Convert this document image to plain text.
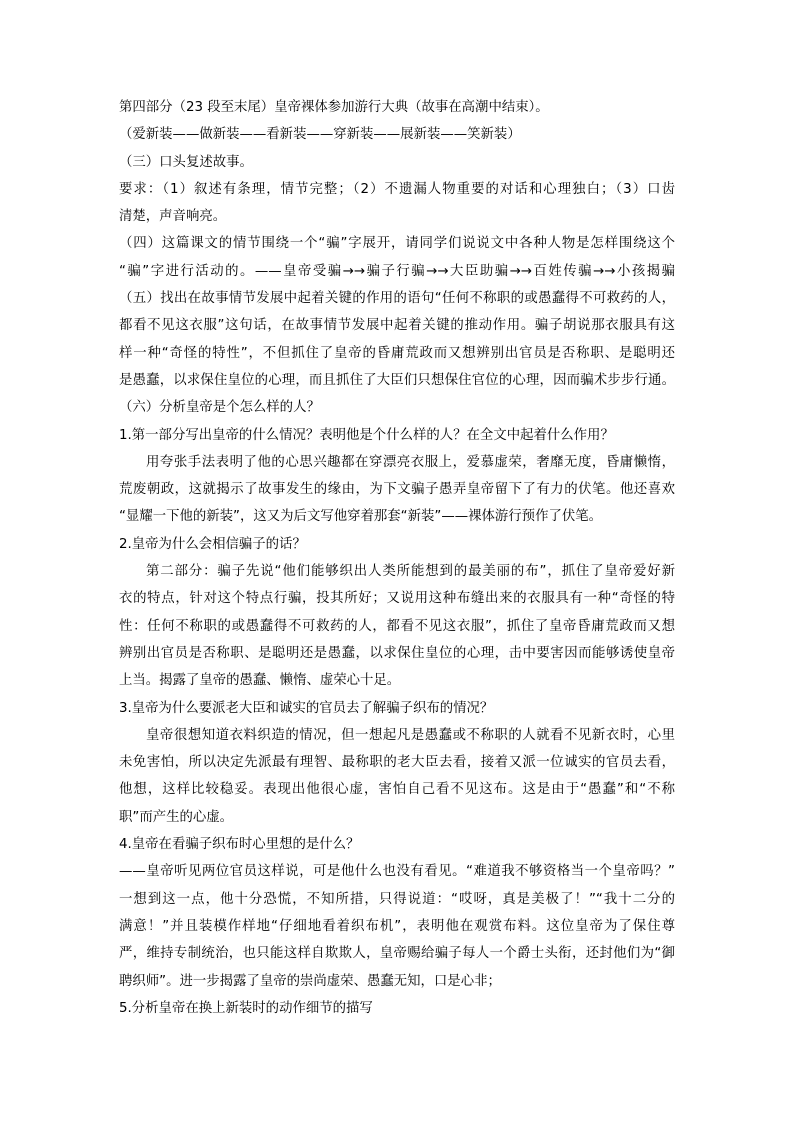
第四部分（23 段至末尾）皇帝裸体参加游行大典（故事在高潮中结束）。
（爱新装——做新装——看新装——穿新装——展新装——笑新装）
（三）口头复述故事。
要求：（1）叙述有条理，情节完整；（2）不遗漏人物重要的对话和心理独白；（3）口齿
清楚，声音响亮。
（四）这篇课文的情节围绕一个“骗”字展开，请同学们说说文中各种人物是怎样围绕这个
“骗”字进行活动的。——皇帝受骗→→骗子行骗→→大臣助骗→→百姓传骗→→小孩揭骗
（五）找出在故事情节发展中起着关键的作用的语句“任何不称职的或愚蠢得不可救药的人，
都看不见这衣服”这句话，在故事情节发展中起着关键的推动作用。骗子胡说那衣服具有这
样一种“奇怪的特性”，不但抓住了皇帝的昏庸荒政而又想辨别出官员是否称职、是聪明还
是愚蠢，以求保住皇位的心理，而且抓住了大臣们只想保住官位的心理，因而骗术步步行通。
（六）分析皇帝是个怎么样的人？
1.第一部分写出皇帝的什么情况？表明他是个什么样的人？在全文中起着什么作用？
用夸张手法表明了他的心思兴趣都在穿漂亮衣服上，爱慕虚荣，奢靡无度，昏庸懒惰，
荒废朝政，这就揭示了故事发生的缘由，为下文骗子愚弄皇帝留下了有力的伏笔。他还喜欢
“显耀一下他的新装”，这又为后文写他穿着那套“新装”——裸体游行预作了伏笔。
2.皇帝为什么会相信骗子的话？
第二部分：骗子先说“他们能够织出人类所能想到的最美丽的布”，抓住了皇帝爱好新
衣的特点，针对这个特点行骗，投其所好；又说用这种布缝出来的衣服具有一种“奇怪的特
性：任何不称职的或愚蠢得不可救药的人，都看不见这衣服”，抓住了皇帝昏庸荒政而又想
辨别出官员是否称职、是聪明还是愚蠢，以求保住皇位的心理，击中要害因而能够诱使皇帝
上当。揭露了皇帝的愚蠢、懒惰、虚荣心十足。
3.皇帝为什么要派老大臣和诚实的官员去了解骗子织布的情况？
皇帝很想知道衣料织造的情况，但一想起凡是愚蠢或不称职的人就看不见新衣时，心里
未免害怕，所以决定先派最有理智、最称职的老大臣去看，接着又派一位诚实的官员去看，
他想，这样比较稳妥。表现出他很心虚，害怕自己看不见这布。这是由于“愚蠢”和“不称
职”而产生的心虚。
4.皇帝在看骗子织布时心里想的是什么？
——皇帝听见两位官员这样说，可是他什么也没有看见。“难道我不够资格当一个皇帝吗？”
一想到这一点，他十分恐慌，不知所措，只得说道：“哎呀，真是美极了！”“我十二分的
满意！”并且装模作样地“仔细地看着织布机”，表明他在观赏布料。这位皇帝为了保住尊
严，维持专制统治，也只能这样自欺欺人，皇帝赐给骗子每人一个爵士头衔，还封他们为“御
聘织师”。进一步揭露了皇帝的崇尚虚荣、愚蠢无知，口是心非；
5.分析皇帝在换上新装时的动作细节的描写
